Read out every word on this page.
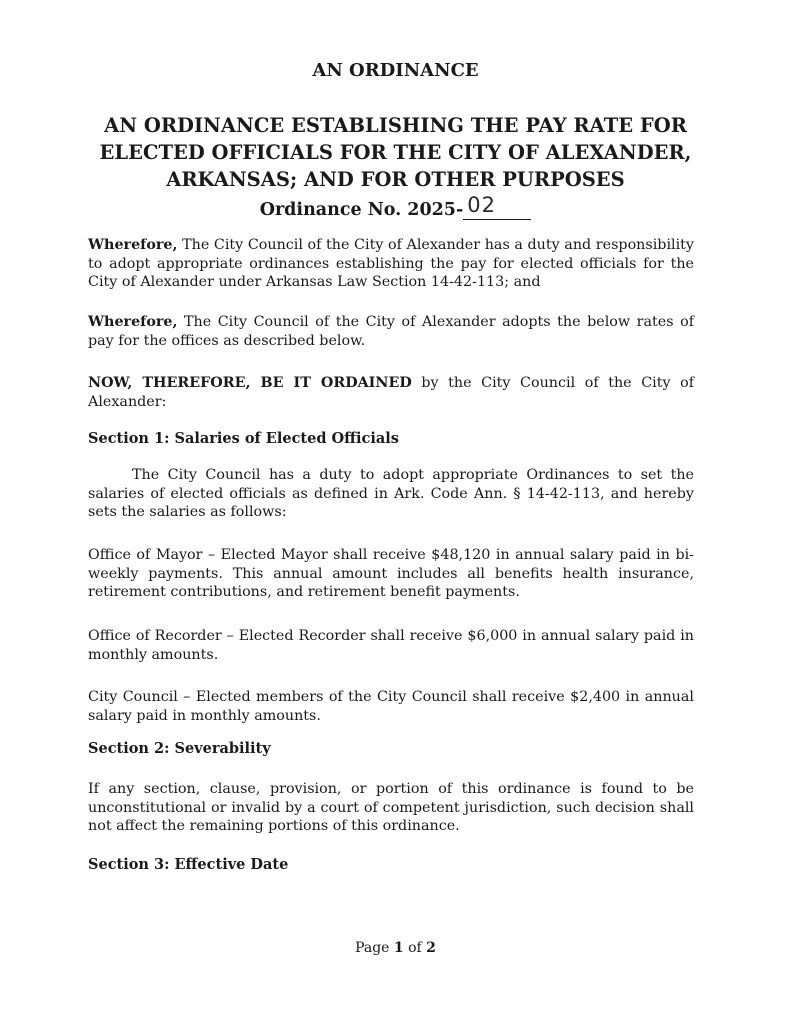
AN ORDINANCE
AN ORDINANCE ESTABLISHING THE PAY RATE FOR
ELECTED OFFICIALS FOR THE CITY OF ALEXANDER,
ARKANSAS; AND FOR OTHER PURPOSES
Ordinance No. 2025- 02
Wherefore, The City Council of the City of Alexander has a duty and responsibility to adopt appropriate ordinances establishing the pay for elected officials for the City of Alexander under Arkansas Law Section 14-42-113; and
Wherefore, The City Council of the City of Alexander adopts the below rates of pay for the offices as described below.
NOW, THEREFORE, BE IT ORDAINED by the City Council of the City of Alexander:
Section 1: Salaries of Elected Officials
The City Council has a duty to adopt appropriate Ordinances to set the salaries of elected officials as defined in Ark. Code Ann. § 14-42-113, and hereby sets the salaries as follows:
Office of Mayor – Elected Mayor shall receive $48,120 in annual salary paid in bi-weekly payments. This annual amount includes all benefits health insurance, retirement contributions, and retirement benefit payments.
Office of Recorder – Elected Recorder shall receive $6,000 in annual salary paid in monthly amounts.
City Council – Elected members of the City Council shall receive $2,400 in annual salary paid in monthly amounts.
Section 2: Severability
If any section, clause, provision, or portion of this ordinance is found to be unconstitutional or invalid by a court of competent jurisdiction, such decision shall not affect the remaining portions of this ordinance.
Section 3: Effective Date
Page 1 of 2
